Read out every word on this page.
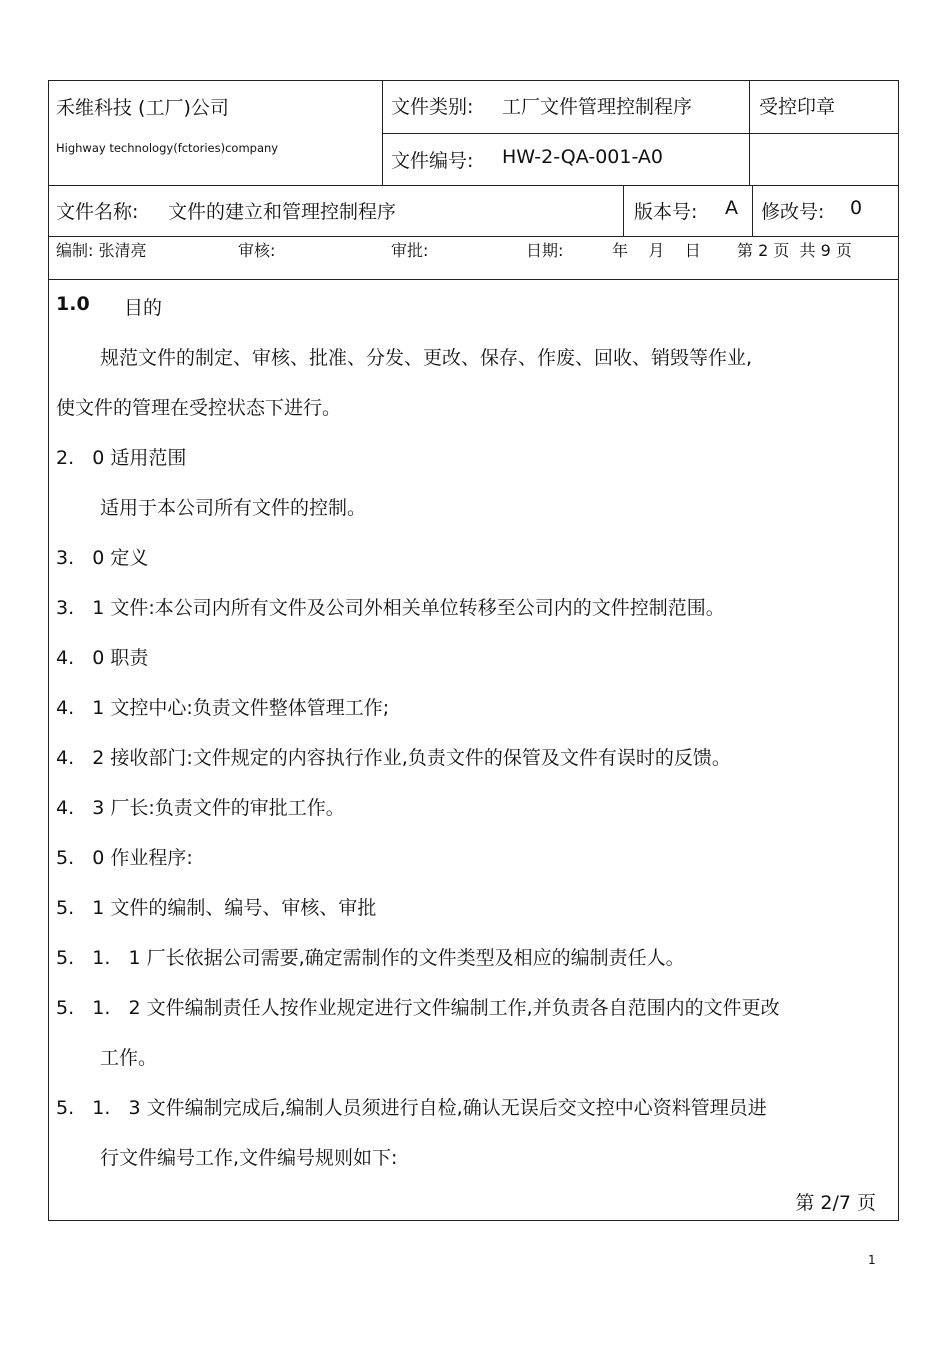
禾维科技 (工厂)公司
Highway technology(fctories)company
文件类别: 工厂文件管理控制程序	受控印章
文件编号: HW-2-QA-001-A0
文件名称: 文件的建立和管理控制程序	版本号: A 修改号: 0
编制: 张清亮	审核:	审批:	日期:	年    月    日 第 2 页  共 9 页
1.0 目的
规范文件的制定、审核、批准、分发、更改、保存、作废、回收、销毁等作业,
使文件的管理在受控状态下进行。
2.   0 适用范围
适用于本公司所有文件的控制。
3.   0 定义
3.   1 文件:本公司内所有文件及公司外相关单位转移至公司内的文件控制范围。
4.   0 职责
4.   1 文控中心:负责文件整体管理工作;
4.   2 接收部门:文件规定的内容执行作业,负责文件的保管及文件有误时的反馈。
4.   3 厂长:负责文件的审批工作。
5.   0 作业程序:
5.   1 文件的编制、编号、审核、审批
5.   1.   1 厂长依据公司需要,确定需制作的文件类型及相应的编制责任人。
5.   1.   2 文件编制责任人按作业规定进行文件编制工作,并负责各自范围内的文件更改
工作。
5.   1.   3 文件编制完成后,编制人员须进行自检,确认无误后交文控中心资料管理员进
行文件编号工作,文件编号规则如下:
第 2/7 页
1
